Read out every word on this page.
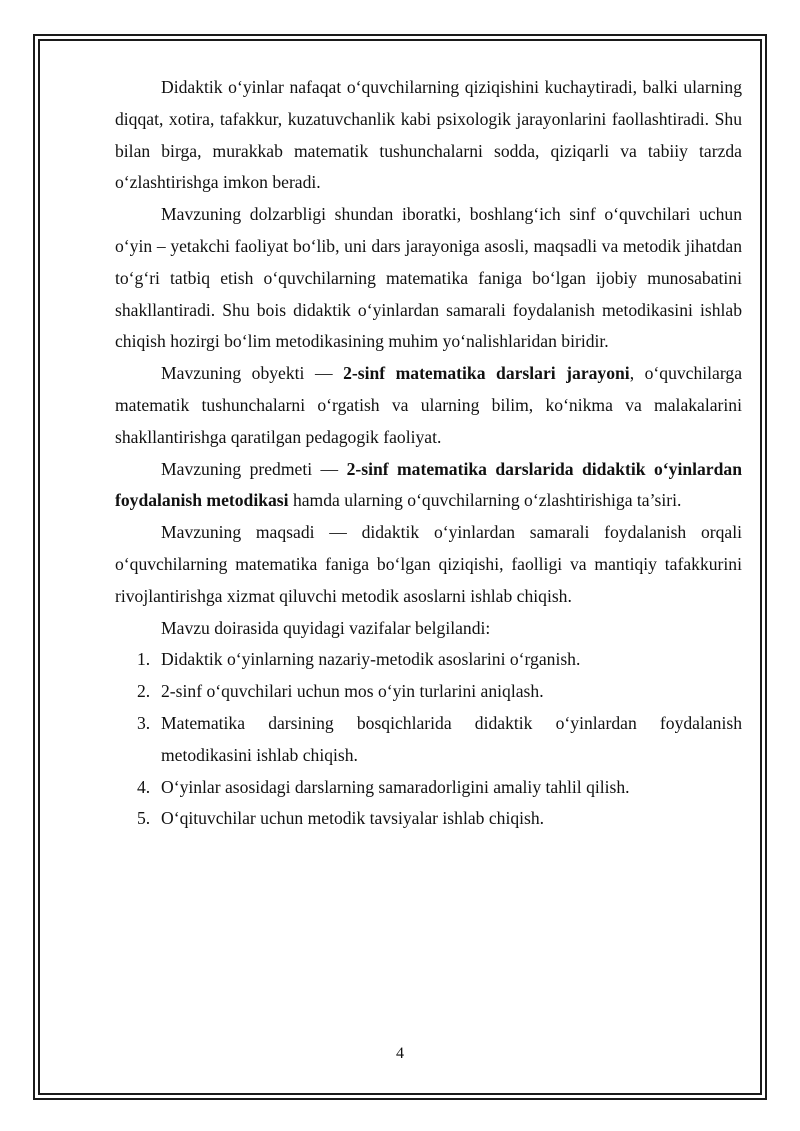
Didaktik o‘yinlar nafaqat o‘quvchilarning qiziqishini kuchaytiradi, balki ularning diqqat, xotira, tafakkur, kuzatuvchanlik kabi psixologik jarayonlarini faollashtiradi. Shu bilan birga, murakkab matematik tushunchalarni sodda, qiziqarli va tabiiy tarzda o‘zlashtirishga imkon beradi.

Mavzuning dolzarbligi shundan iboratki, boshlang‘ich sinf o‘quvchilari uchun o‘yin – yetakchi faoliyat bo‘lib, uni dars jarayoniga asosli, maqsadli va metodik jihatdan to‘g‘ri tatbiq etish o‘quvchilarning matematika faniga bo‘lgan ijobiy munosabatini shakllantiradi. Shu bois didaktik o‘yinlardan samarali foydalanish metodikasini ishlab chiqish hozirgi bo‘lim metodikasining muhim yo‘nalishlaridan biridir.

Mavzuning obyekti — 2-sinf matematika darslari jarayoni, o‘quvchilarga matematik tushunchalarni o‘rgatish va ularning bilim, ko‘nikma va malakalarini shakllantirishga qaratilgan pedagogik faoliyat.

Mavzuning predmeti — 2-sinf matematika darslarida didaktik o‘yinlardan foydalanish metodikasi hamda ularning o‘quvchilarning o‘zlashtirishiga ta’siri.

Mavzuning maqsadi — didaktik o‘yinlardan samarali foydalanish orqali o‘quvchilarning matematika faniga bo‘lgan qiziqishi, faolligi va mantiqiy tafakkurini rivojlantirishga xizmat qiluvchi metodik asoslarni ishlab chiqish.

Mavzu doirasida quyidagi vazifalar belgilandi:

1. Didaktik o‘yinlarning nazariy-metodik asoslarini o‘rganish.
2. 2-sinf o‘quvchilari uchun mos o‘yin turlarini aniqlash.
3. Matematika darsining bosqichlarida didaktik o‘yinlardan foydalanish metodikasini ishlab chiqish.
4. O‘yinlar asosidagi darslarning samaradorligini amaliy tahlil qilish.
5. O‘qituvchilar uchun metodik tavsiyalar ishlab chiqish.
4
